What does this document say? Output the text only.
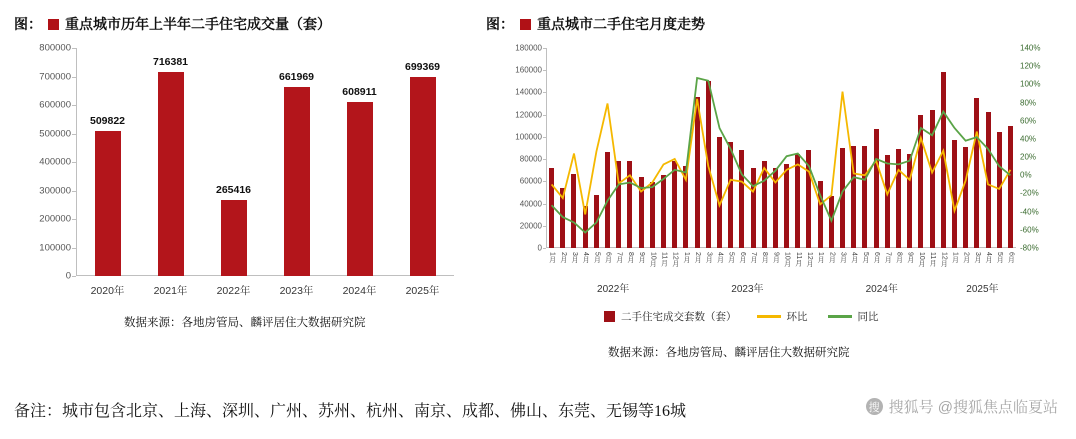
图： 重点城市历年上半年二手住宅成交量（套）
0
100000
200000
300000
400000
500000
600000
700000
800000
509822
2020年
716381
2021年
265416
2022年
661969
2023年
608911
2024年
699369
2025年
数据来源：各地房管局、麟评居住大数据研究院
图： 重点城市二手住宅月度走势
0
20000
40000
60000
80000
100000
120000
140000
160000
180000
-80%
-60%
-40%
-20%
0%
20%
40%
60%
80%
100%
120%
140%
1月 2月 3月 4月 5月 6月 7月 8月 9月 10月 11月 12月 1月 2月 3月 4月 5月 6月 7月 8月 9月 10月 11月 12月 1月 2月 3月 4月 5月 6月 7月 8月 9月 10月 11月 12月 1月 2月 3月 4月 5月 6月
2022年	2023年	2024年	2025年
二手住宅成交套数（套）	环比	同比
数据来源：各地房管局、麟评居住大数据研究院
备注：城市包含北京、上海、深圳、广州、苏州、杭州、南京、成都、佛山、东莞、无锡等16城	搜 搜狐号 @搜狐焦点临夏站
